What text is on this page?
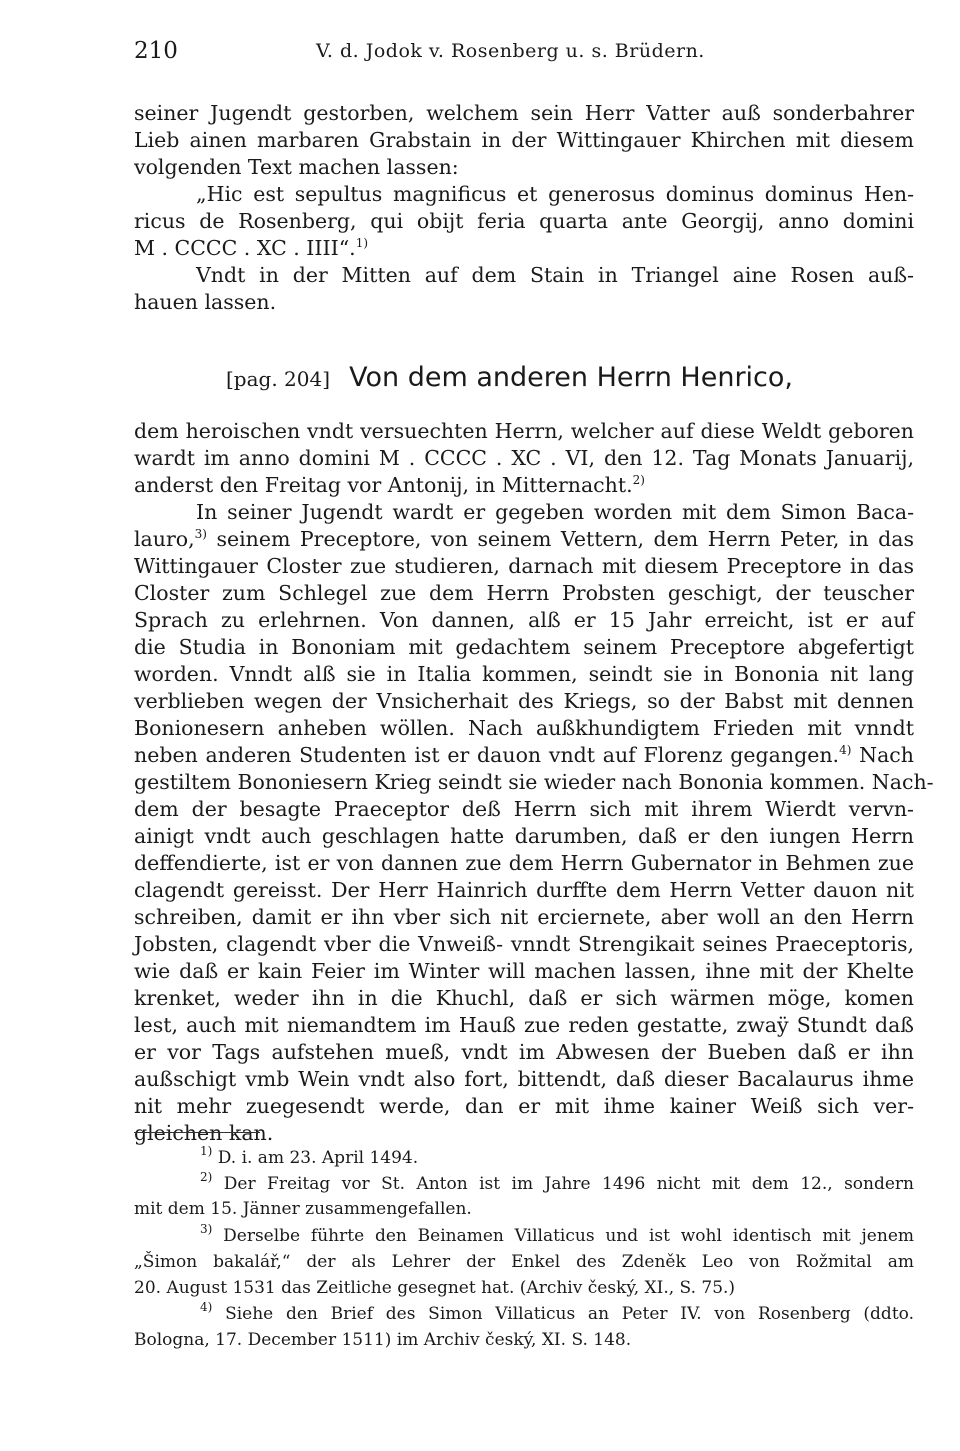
210	V. d. Jodok v. Rosenberg u. s. Brüdern.
seiner Jugendt gestorben, welchem sein Herr Vatter auß sonderbahrer
Lieb ainen marbaren Grabstain in der Wittingauer Khirchen mit diesem
volgenden Text machen lassen:
„Hic est sepultus magnificus et generosus dominus dominus Hen-
ricus de Rosenberg, qui obijt feria quarta ante Georgij, anno domini
M . CCCC . XC . IIII“.$^{1)}$
Vndt in der Mitten auf dem Stain in Triangel aine Rosen auß-
hauen lassen.
[pag. 204] Von dem anderen Herrn Henrico,
dem heroischen vndt versuechten Herrn, welcher auf diese Weldt geboren
wardt im anno domini M . CCCC . XC . VI, den 12. Tag Monats Januarij,
anderst den Freitag vor Antonij, in Mitternacht.$^{2)}$
In seiner Jugendt wardt er gegeben worden mit dem Simon Baca-
lauro,$^{3)}$ seinem Preceptore, von seinem Vettern, dem Herrn Peter, in das
Wittingauer Closter zue studieren, darnach mit diesem Preceptore in das
Closter zum Schlegel zue dem Herrn Probsten geschigt, der teuscher
Sprach zu erlehrnen. Von dannen, alß er 15 Jahr erreicht, ist er auf
die Studia in Bononiam mit gedachtem seinem Preceptore abgefertigt
worden. Vnndt alß sie in Italia kommen, seindt sie in Bononia nit lang
verblieben wegen der Vnsicherhait des Kriegs, so der Babst mit dennen
Bonionesern anheben wöllen. Nach außkhundigtem Frieden mit vnndt
neben anderen Studenten ist er dauon vndt auf Florenz gegangen.$^{4)}$ Nach
gestiltem Bononiesern Krieg seindt sie wieder nach Bononia kommen. Nach-
dem der besagte Praeceptor deß Herrn sich mit ihrem Wierdt vervn-
ainigt vndt auch geschlagen hatte darumben, daß er den iungen Herrn
deffendierte, ist er von dannen zue dem Herrn Gubernator in Behmen zue
clagendt gereisst. Der Herr Hainrich durffte dem Herrn Vetter dauon nit
schreiben, damit er ihn vber sich nit erciernete, aber woll an den Herrn
Jobsten, clagendt vber die Vnweiß- vnndt Strengikait seines Praeceptoris,
wie daß er kain Feier im Winter will machen lassen, ihne mit der Khelte
krenket, weder ihn in die Khuchl, daß er sich wärmen möge, komen
lest, auch mit niemandtem im Hauß zue reden gestatte, zwaÿ Stundt daß
er vor Tags aufstehen mueß, vndt im Abwesen der Bueben daß er ihn
außschigt vmb Wein vndt also fort, bittendt, daß dieser Bacalaurus ihme
nit mehr zuegesendt werde, dan er mit ihme kainer Weiß sich ver-
gleichen kan.
$^{1)}$ D. i. am 23. April 1494.
$^{2)}$ Der Freitag vor St. Anton ist im Jahre 1496 nicht mit dem 12., sondern
mit dem 15. Jänner zusammengefallen.
$^{3)}$ Derselbe führte den Beinamen Villaticus und ist wohl identisch mit jenem
„Šimon bakalář,“ der als Lehrer der Enkel des Zdeněk Leo von Rožmital am
20. August 1531 das Zeitliche gesegnet hat. (Archiv český, XI., S. 75.)
$^{4)}$ Siehe den Brief des Simon Villaticus an Peter IV. von Rosenberg (ddto.
Bologna, 17. December 1511) im Archiv český, XI. S. 148.
